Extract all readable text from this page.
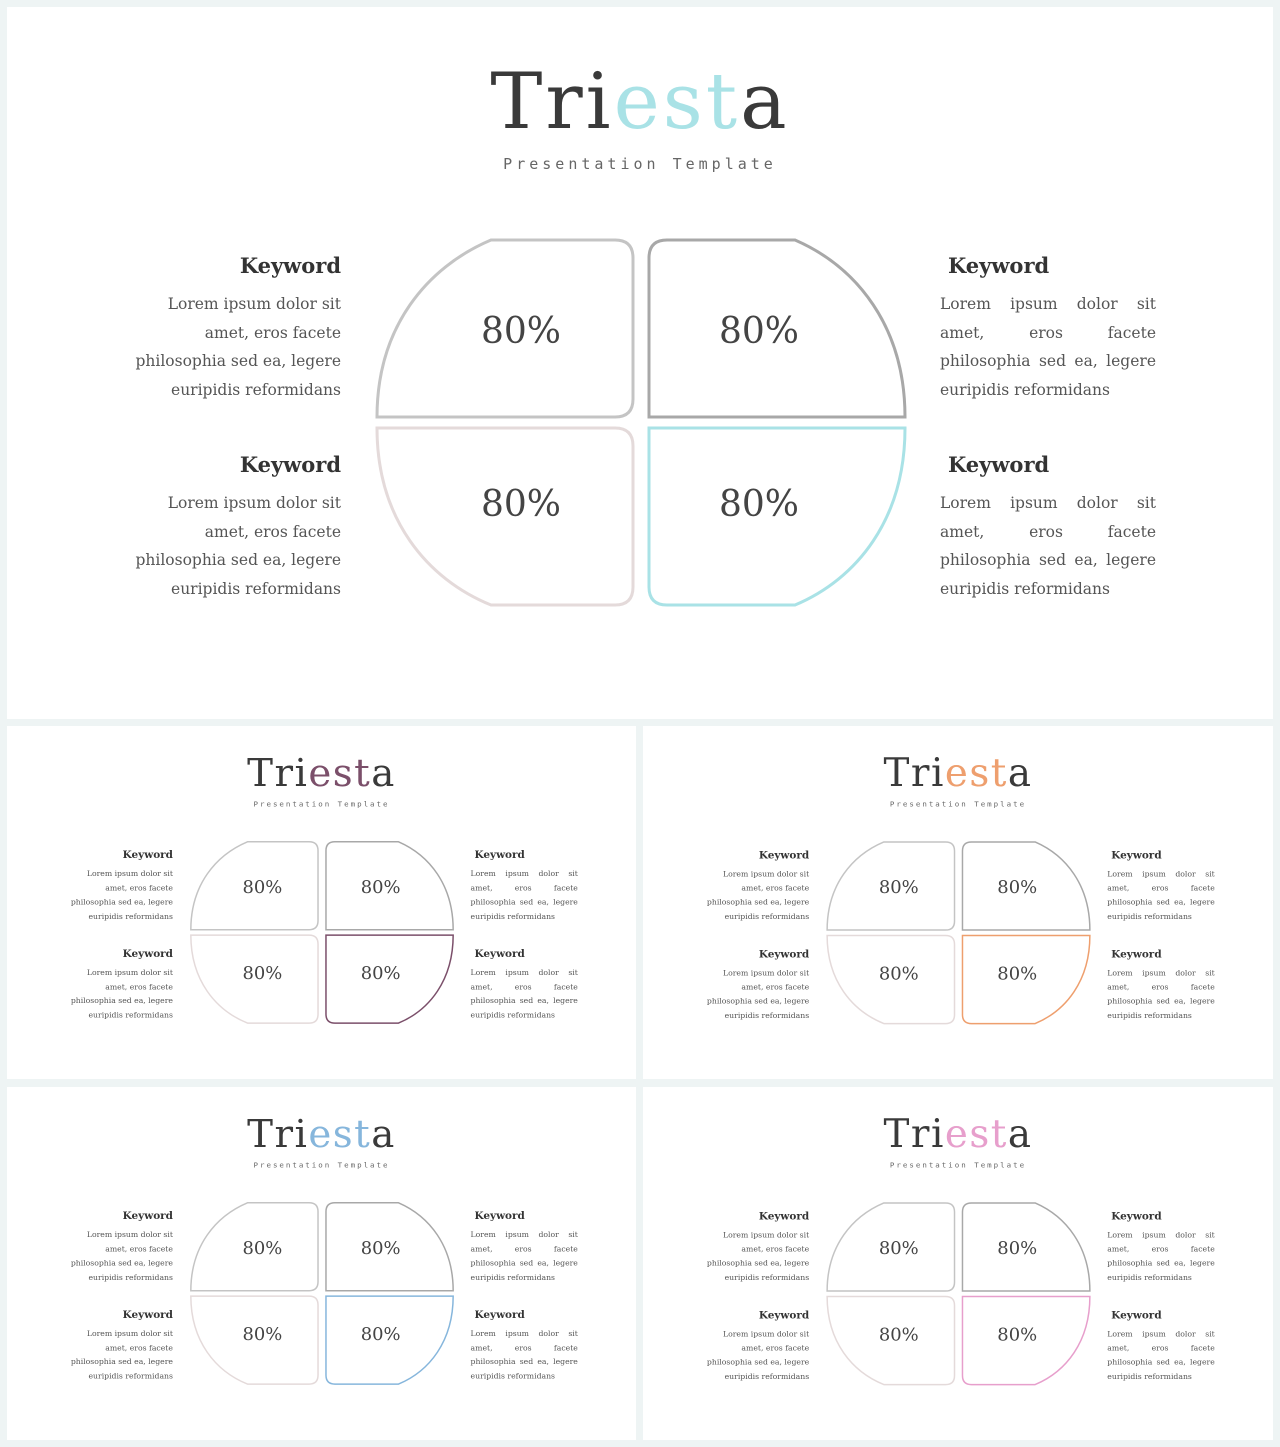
Triesta
Presentation Template
80%	80%
80%	80%
Keyword
Lorem ipsum dolor sit amet, eros facete philosophia sed ea, legere euripidis reformidans
Keyword
Lorem ipsum dolor sit amet, eros facete philosophia sed ea, legere euripidis reformidans
Keyword
Lorem ipsum dolor sit amet, eros facete philosophia sed ea, legere euripidis reformidans
Keyword
Lorem ipsum dolor sit amet, eros facete philosophia sed ea, legere euripidis reformidans
Triesta
Presentation Template
80% 80%
80% 80%
Keyword
Lorem ipsum dolor sit amet, eros facete philosophia sed ea, legere euripidis reformidans
Keyword
Lorem ipsum dolor sit amet, eros facete philosophia sed ea, legere euripidis reformidans
Keyword
Lorem ipsum dolor sit amet, eros facete philosophia sed ea, legere euripidis reformidans
Keyword
Lorem ipsum dolor sit amet, eros facete philosophia sed ea, legere euripidis reformidans
Triesta
Presentation Template
80% 80%
80% 80%
Keyword
Lorem ipsum dolor sit amet, eros facete philosophia sed ea, legere euripidis reformidans
Keyword
Lorem ipsum dolor sit amet, eros facete philosophia sed ea, legere euripidis reformidans
Keyword
Lorem ipsum dolor sit amet, eros facete philosophia sed ea, legere euripidis reformidans
Keyword
Lorem ipsum dolor sit amet, eros facete philosophia sed ea, legere euripidis reformidans
Triesta
Presentation Template
80% 80%
80% 80%
Keyword
Lorem ipsum dolor sit amet, eros facete philosophia sed ea, legere euripidis reformidans
Keyword
Lorem ipsum dolor sit amet, eros facete philosophia sed ea, legere euripidis reformidans
Keyword
Lorem ipsum dolor sit amet, eros facete philosophia sed ea, legere euripidis reformidans
Keyword
Lorem ipsum dolor sit amet, eros facete philosophia sed ea, legere euripidis reformidans
Triesta
Presentation Template
80% 80%
80% 80%
Keyword
Lorem ipsum dolor sit amet, eros facete philosophia sed ea, legere euripidis reformidans
Keyword
Lorem ipsum dolor sit amet, eros facete philosophia sed ea, legere euripidis reformidans
Keyword
Lorem ipsum dolor sit amet, eros facete philosophia sed ea, legere euripidis reformidans
Keyword
Lorem ipsum dolor sit amet, eros facete philosophia sed ea, legere euripidis reformidans
